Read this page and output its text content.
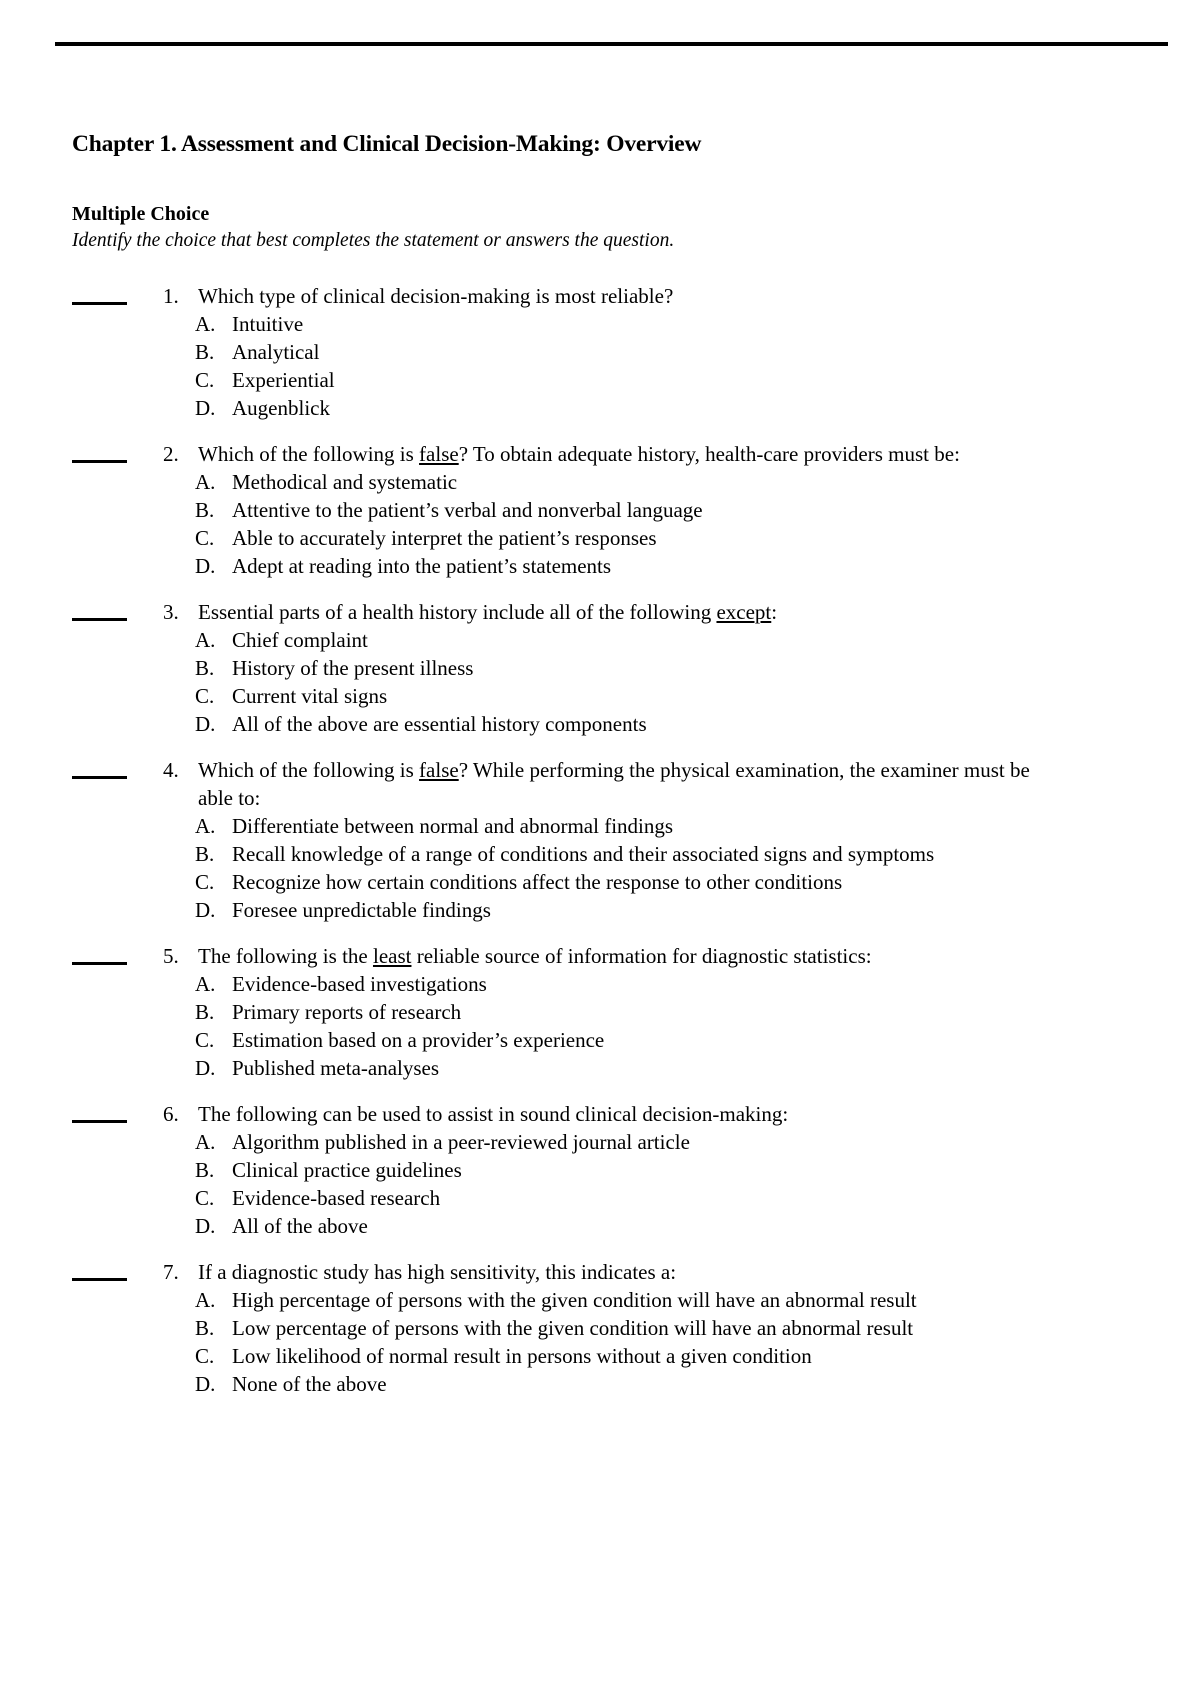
Chapter 1. Assessment and Clinical Decision-Making: Overview
Multiple Choice
Identify the choice that best completes the statement or answers the question.
1. Which type of clinical decision-making is most reliable?
A. Intuitive
B. Analytical
C. Experiential
D. Augenblick
2. Which of the following is false? To obtain adequate history, health-care providers must be:
A. Methodical and systematic
B. Attentive to the patient’s verbal and nonverbal language
C. Able to accurately interpret the patient’s responses
D. Adept at reading into the patient’s statements
3. Essential parts of a health history include all of the following except:
A. Chief complaint
B. History of the present illness
C. Current vital signs
D. All of the above are essential history components
4. Which of the following is false? While performing the physical examination, the examiner must be
able to:
A. Differentiate between normal and abnormal findings
B. Recall knowledge of a range of conditions and their associated signs and symptoms
C. Recognize how certain conditions affect the response to other conditions
D. Foresee unpredictable findings
5. The following is the least reliable source of information for diagnostic statistics:
A. Evidence-based investigations
B. Primary reports of research
C. Estimation based on a provider’s experience
D. Published meta-analyses
6. The following can be used to assist in sound clinical decision-making:
A. Algorithm published in a peer-reviewed journal article
B. Clinical practice guidelines
C. Evidence-based research
D. All of the above
7. If a diagnostic study has high sensitivity, this indicates a:
A. High percentage of persons with the given condition will have an abnormal result
B. Low percentage of persons with the given condition will have an abnormal result
C. Low likelihood of normal result in persons without a given condition
D. None of the above
